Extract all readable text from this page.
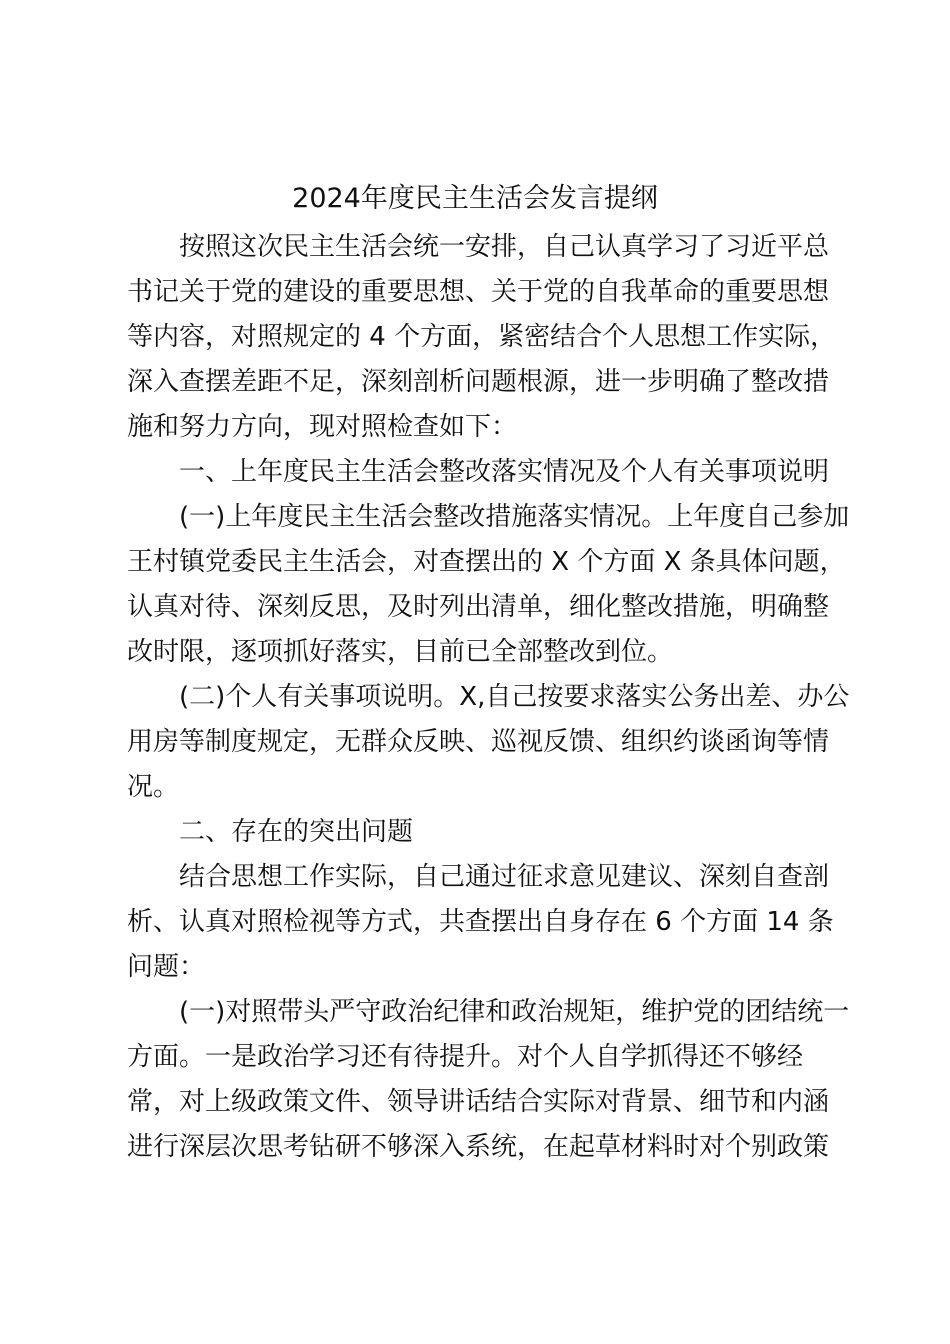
2024年度民主生活会发言提纲
按照这次民主生活会统一安排，自己认真学习了习近平总
书记关于党的建设的重要思想、关于党的自我革命的重要思想
等内容，对照规定的 4 个方面，紧密结合个人思想工作实际，
深入查摆差距不足，深刻剖析问题根源，进一步明确了整改措
施和努力方向，现对照检查如下：
一、上年度民主生活会整改落实情况及个人有关事项说明
(一)上年度民主生活会整改措施落实情况。上年度自己参加
王村镇党委民主生活会，对查摆出的 X 个方面 X 条具体问题，
认真对待、深刻反思，及时列出清单，细化整改措施，明确整
改时限，逐项抓好落实，目前已全部整改到位。
(二)个人有关事项说明。X,自己按要求落实公务出差、办公
用房等制度规定，无群众反映、巡视反馈、组织约谈函询等情
况。
二、存在的突出问题
结合思想工作实际，自己通过征求意见建议、深刻自查剖
析、认真对照检视等方式，共查摆出自身存在 6 个方面 14 条
问题：
(一)对照带头严守政治纪律和政治规矩，维护党的团结统一
方面。一是政治学习还有待提升。对个人自学抓得还不够经
常，对上级政策文件、领导讲话结合实际对背景、细节和内涵
进行深层次思考钻研不够深入系统，在起草材料时对个别政策
